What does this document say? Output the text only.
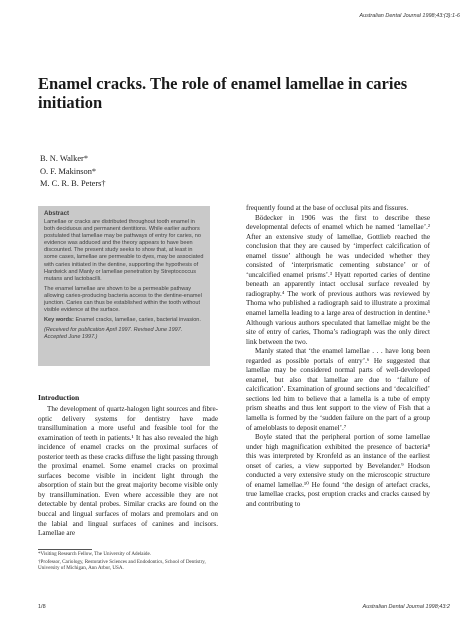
Australian Dental Journal 1998;43:(3):1-6
Enamel cracks. The role of enamel lamellae in caries initiation
B. N. Walker*
O. F. Makinson*
M. C. R. B. Peters†

Abstract

Lamellae or cracks are distributed throughout tooth enamel in both deciduous and permanent dentitions. While earlier authors postulated that lamellae may be pathways of entry for caries, no evidence was adduced and the theory appears to have been discounted. The present study seeks to show that, at least in some cases, lamellae are permeable to dyes, may be associated with caries initiated in the dentine, supporting the hypothesis of Hardwick and Manly or lamellae penetration by Streptococcus mutans and lactobacilli.

The enamel lamellae are shown to be a permeable pathway allowing caries-producing bacteria access to the dentine-enamel junction. Caries can thus be established within the tooth without visible evidence at the surface.

Key words: Enamel cracks, lamellae, caries, bacterial invasion.

(Received for publication April 1997. Revised June 1997. Accepted June 1997.)

Introduction

The development of quartz-halogen light sources and fibre-optic delivery systems for dentistry have made transillumination a more useful and feasible tool for the examination of teeth in patients.¹ It has also revealed the high incidence of enamel cracks on the proximal surfaces of posterior teeth as these cracks diffuse the light passing through the proximal enamel. Some enamel cracks on proximal surfaces become visible in incident light through the absorption of stain but the great majority become visible only by transillumination. Even where accessible they are not detectable by dental probes. Similar cracks are found on the buccal and lingual surfaces of molars and premolars and on the labial and lingual surfaces of canines and incisors. Lamellae are

*Visiting Research Fellow, The University of Adelaide.

†Professor, Cariology, Restorative Sciences and Endodontics, School of Dentistry, University of Michigan, Ann Arbor, USA.

frequently found at the base of occlusal pits and fissures.

Bödecker in 1906 was the first to describe these developmental defects of enamel which he named ‘lamellae’.² After an extensive study of lamellae, Gottlieb reached the conclusion that they are caused by ‘imperfect calcification of enamel tissue’ although he was undecided whether they consisted of ‘interprismatic cementing substance’ or of ‘uncalcified enamel prisms’.³ Hyatt reported caries of dentine beneath an apparently intact occlusal surface revealed by radiography.⁴ The work of previous authors was reviewed by Thoma who published a radiograph said to illustrate a proximal enamel lamella leading to a large area of destruction in dentine.⁵ Although various authors speculated that lamellae might be the site of entry of caries, Thoma’s radiograph was the only direct link between the two.

Manly stated that ‘the enamel lamellae . . . have long been regarded as possible portals of entry’.⁶ He suggested that lamellae may be considered normal parts of well-developed enamel, but also that lamellae are due to ‘failure of calcification’. Examination of ground sections and ‘decalcified’ sections led him to believe that a lamella is a tube of empty prism sheaths and thus lent support to the view of Fish that a lamella is formed by the ‘sudden failure on the part of a group of ameloblasts to deposit enamel’.⁷

Boyle stated that the peripheral portion of some lamellae under high magnification exhibited the presence of bacteria⁸ this was interpreted by Kronfeld as an instance of the earliest onset of caries, a view supported by Bevelander.⁹ Hodson conducted a very extensive study on the microscopic structure of enamel lamellae.¹⁰ He found ‘the design of artefact cracks, true lamellae cracks, post eruption cracks and cracks caused by and contributing to

1/8	Australian Dental Journal 1998;43:2
